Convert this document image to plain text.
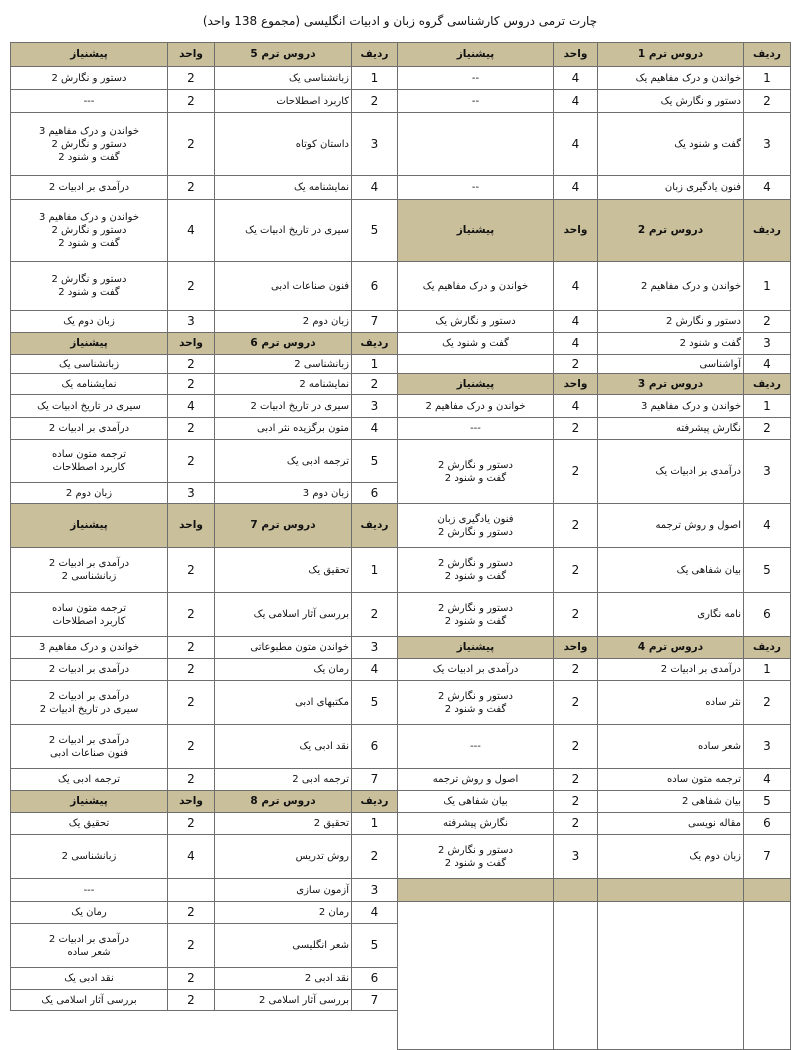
چارت ترمی دروس کارشناسی گروه زبان و ادبیات انگلیسی (مجموع 138 واحد)
ردیف	دروس ترم 1	واحد	پیشنیاز
1	خواندن و درک مفاهیم یک	4	--
2	دستور و نگارش یک	4	--
3	گفت و شنود یک	4	
4	فنون یادگیری زبان	4	--
ردیف	دروس ترم 2	واحد	پیشنیاز
1	خواندن و درک مفاهیم 2	4	خواندن و درک مفاهیم یک
2	دستور و نگارش 2	4	دستور و نگارش یک
3	گفت و شنود 2	4	گفت و شنود یک
4	آواشناسی	2	
ردیف	دروس ترم 3	واحد	پیشنیاز
1	خواندن و درک مفاهیم 3	4	خواندن و درک مفاهیم 2
2	نگارش پیشرفته	2	---
3	درآمدی بر ادبیات یک	2	دستور و نگارش 2
گفت و شنود 2
4	اصول و روش ترجمه	2	فنون یادگیری زبان
دستور و نگارش 2
5	بیان شفاهی یک	2	دستور و نگارش 2
گفت و شنود 2
6	نامه نگاری	2	دستور و نگارش 2
گفت و شنود 2
ردیف	دروس ترم 4	واحد	پیشنیاز
1	درآمدی بر ادبیات 2	2	درآمدی بر ادبیات یک
2	نثر ساده	2	دستور و نگارش 2
گفت و شنود 2
3	شعر ساده	2	---
4	ترجمه متون ساده	2	اصول و روش ترجمه
5	بیان شفاهی 2	2	بیان شفاهی یک
6	مقاله نویسی	2	نگارش پیشرفته
7	زبان دوم یک	3	دستور و نگارش 2
گفت و شنود 2

ردیف	دروس ترم 5	واحد	پیشنیاز
1	زبانشناسی یک	2	دستور و نگارش 2
2	کاربرد اصطلاحات	2	---
3	داستان کوتاه	2	خواندن و درک مفاهیم 3
دستور و نگارش 2
گفت و شنود 2
4	نمایشنامه یک	2	درآمدی بر ادبیات 2
5	سیری در تاریخ ادبیات یک	4	خواندن و درک مفاهیم 3
دستور و نگارش 2
گفت و شنود 2
6	فنون صناعات ادبی	2	دستور و نگارش 2
گفت و شنود 2
7	زبان دوم 2	3	زبان دوم یک
ردیف	دروس ترم 6	واحد	پیشنیاز
1	زبانشناسی 2	2	زبانشناسی یک
2	نمایشنامه 2	2	نمایشنامه یک
3	سیری در تاریخ ادبیات 2	4	سیری در تاریخ ادبیات یک
4	متون برگزیده نثر ادبی	2	درآمدی بر ادبیات 2
5	ترجمه ادبی یک	2	ترجمه متون ساده
کاربرد اصطلاحات
6	زبان دوم 3	3	زبان دوم 2
ردیف	دروس ترم 7	واحد	پیشنیاز
1	تحقیق یک	2	درآمدی بر ادبیات 2
زبانشناسی 2
2	بررسی آثار اسلامی یک	2	ترجمه متون ساده
کاربرد اصطلاحات
3	خواندن متون مطبوعاتی	2	خواندن و درک مفاهیم 3
4	رمان یک	2	درآمدی بر ادبیات 2
5	مکتبهای ادبی	2	درآمدی بر ادبیات 2
سیری در تاریخ ادبیات 2
6	نقد ادبی یک	2	درآمدی بر ادبیات 2
فنون صناعات ادبی
7	ترجمه ادبی 2	2	ترجمه ادبی یک
ردیف	دروس ترم 8	واحد	پیشنیاز
1	تحقیق 2	2	تحقیق یک
2	روش تدریس	4	زبانشناسی 2
3	آزمون سازی		---
4	رمان 2	2	رمان یک
5	شعر انگلیسی	2	درآمدی بر ادبیات 2
شعر ساده
6	نقد ادبی 2	2	نقد ادبی یک
7	بررسی آثار اسلامی 2	2	بررسی آثار اسلامی یک
